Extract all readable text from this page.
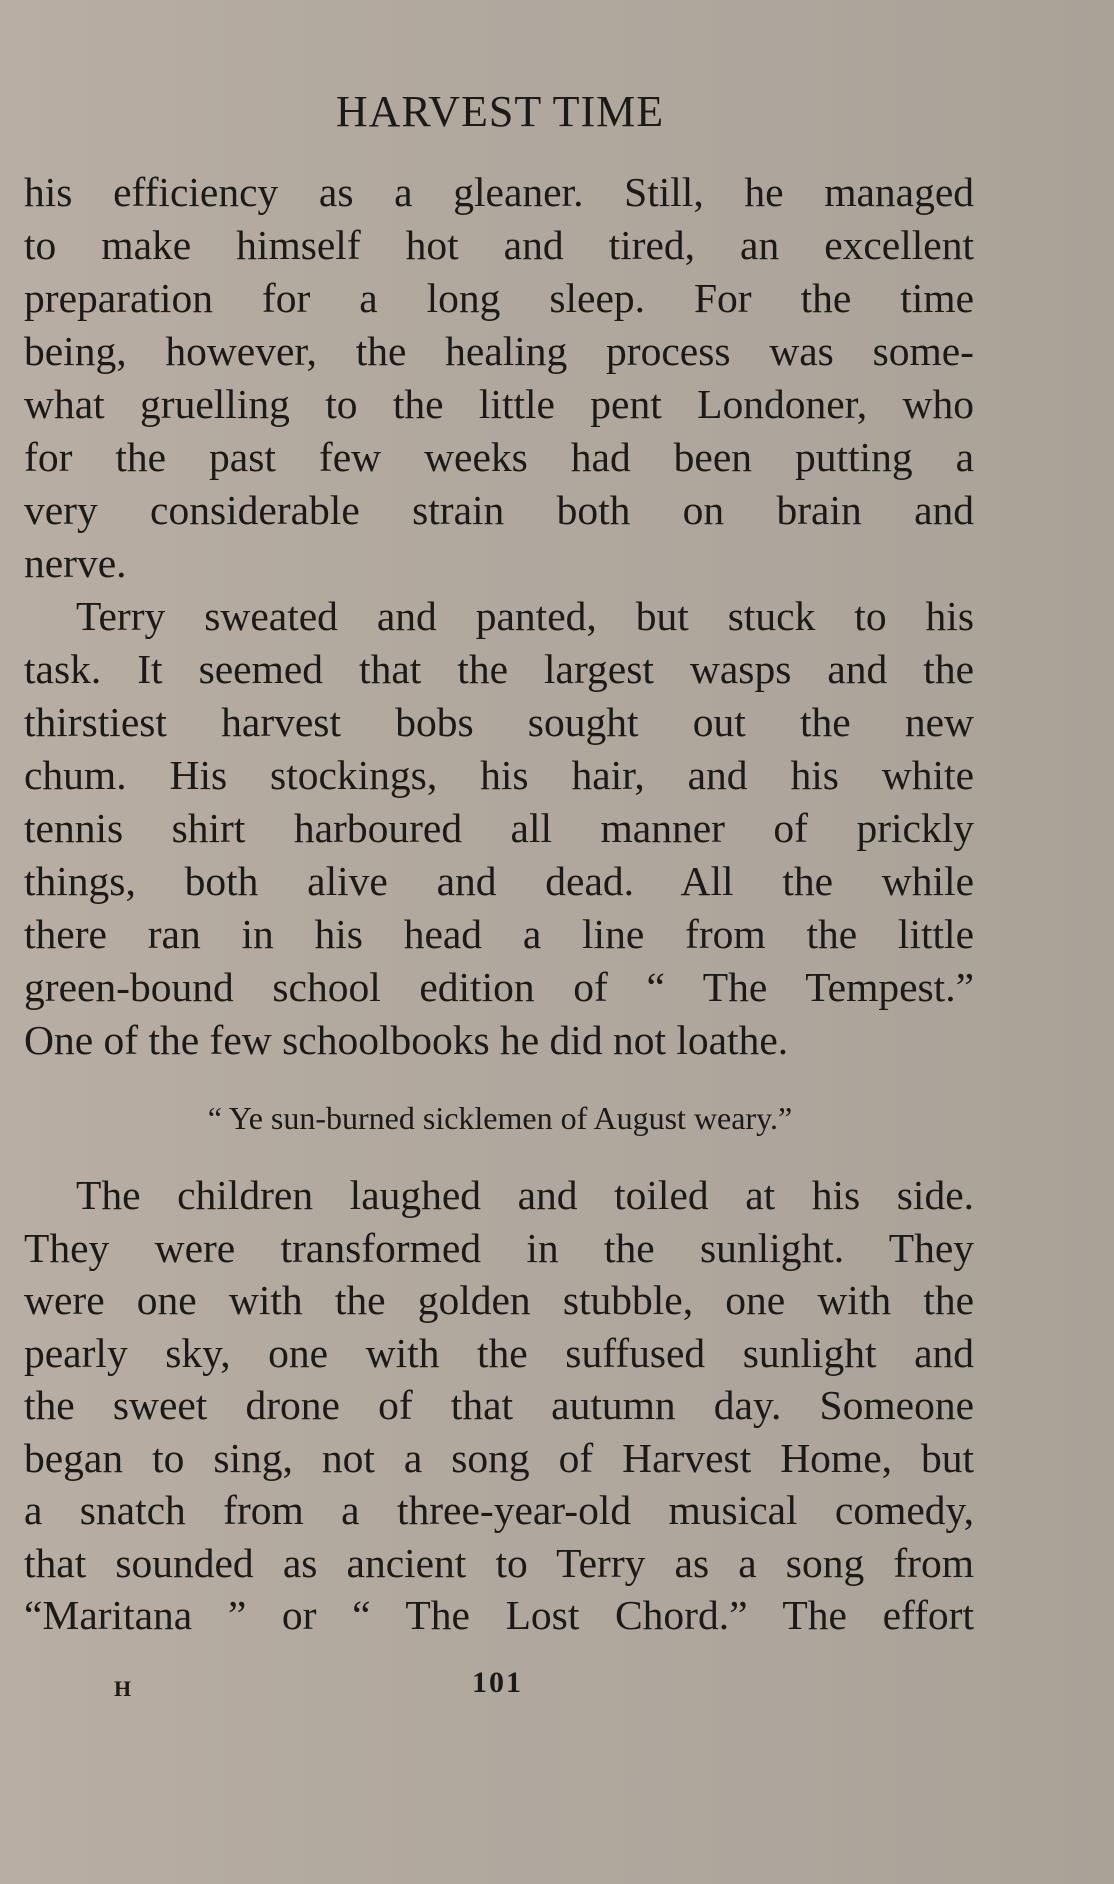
HARVEST TIME

his efficiency as a gleaner. Still, he managed
to make himself hot and tired, an excellent
preparation for a long sleep. For the time
being, however, the healing process was some-
what gruelling to the little pent Londoner, who
for the past few weeks had been putting a
very considerable strain both on brain and
nerve.

Terry sweated and panted, but stuck to his
task. It seemed that the largest wasps and the
thirstiest harvest bobs sought out the new
chum. His stockings, his hair, and his white
tennis shirt harboured all manner of prickly
things, both alive and dead. All the while
there ran in his head a line from the little
green-bound school edition of “ The Tempest.”
One of the few schoolbooks he did not loathe.

“ Ye sun-burned sicklemen of August weary.”

The children laughed and toiled at his side.
They were transformed in the sunlight. They
were one with the golden stubble, one with the
pearly sky, one with the suffused sunlight and
the sweet drone of that autumn day. Someone
began to sing, not a song of Harvest Home, but
a snatch from a three-year-old musical comedy,
that sounded as ancient to Terry as a song from
“Maritana ” or “ The Lost Chord.” The effort

H	101
